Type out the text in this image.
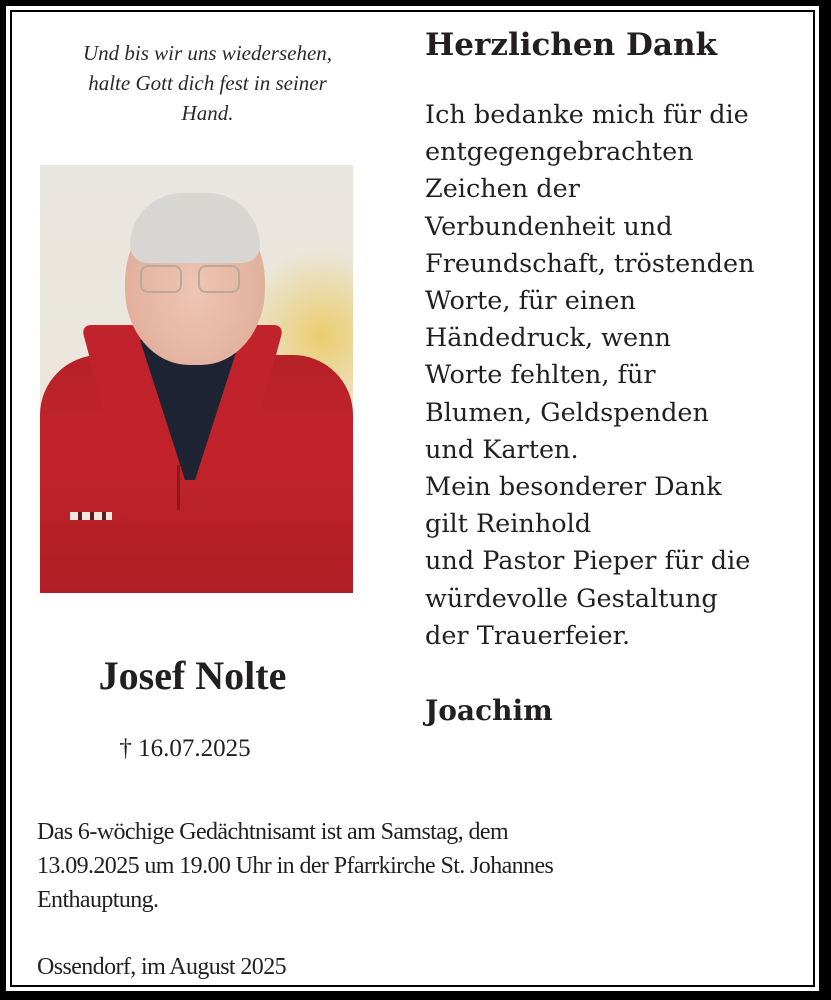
Und bis wir uns wiedersehen,
halte Gott dich fest in seiner
Hand.
Josef Nolte
† 16.07.2025
Herzlichen Dank
Ich bedanke mich für die
entgegengebrachten
Zeichen der
Verbundenheit und
Freundschaft, tröstenden
Worte, für einen
Händedruck, wenn
Worte fehlten, für
Blumen, Geldspenden
und Karten.
Mein besonderer Dank
gilt Reinhold
und Pastor Pieper für die
würdevolle Gestaltung
der Trauerfeier.
Joachim
Das 6-wöchige Gedächtnisamt ist am Samstag, dem
13.09.2025 um 19.00 Uhr in der Pfarrkirche St. Johannes
Enthauptung.
Ossendorf, im August 2025
